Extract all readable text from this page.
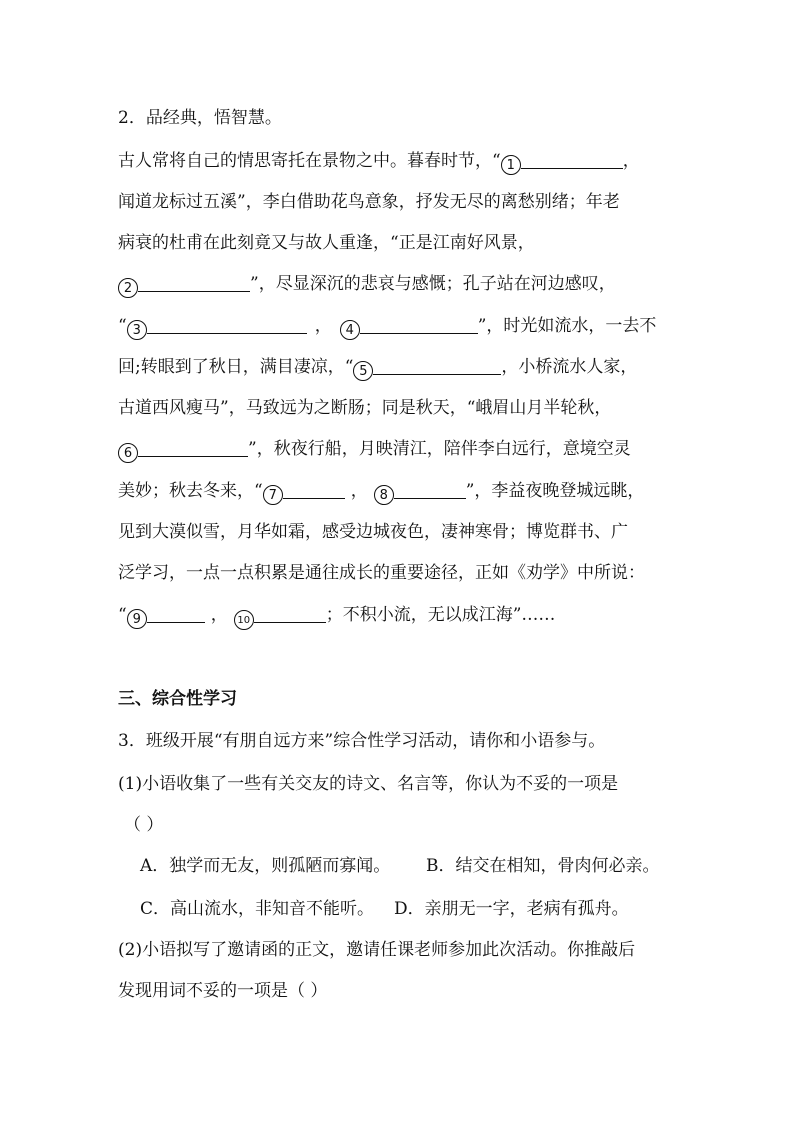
2．品经典，悟智慧。
古人常将自己的情思寄托在景物之中。暮春时节，“ 1	，
闻道龙标过五溪”，李白借助花鸟意象，抒发无尽的离愁别绪；年老
病衰的杜甫在此刻竟又与故人重逢，“正是江南好风景，
2	”，尽显深沉的悲哀与感慨；孔子站在河边感叹，
“ 3	， 4	”，时光如流水，一去不
回;转眼到了秋日，满目凄凉，“ 5	，小桥流水人家，
古道西风瘦马”，马致远为之断肠；同是秋天，“峨眉山月半轮秋，
6	”，秋夜行船，月映清江，陪伴李白远行，意境空灵
美妙；秋去冬来，“ 7	， 8	”，李益夜晚登城远眺，
见到大漠似雪，月华如霜，感受边城夜色，凄神寒骨；博览群书、广
泛学习，一点一点积累是通往成长的重要途径，正如《劝学》中所说：
“ 9	， 10	；不积小流，无以成江海”……
三、综合性学习
3．班级开展“有朋自远方来”综合性学习活动，请你和小语参与。
(1)小语收集了一些有关交友的诗文、名言等，你认为不妥的一项是
（ ）
A．独学而无友，则孤陋而寡闻。 B．结交在相知，骨肉何必亲。
C．高山流水，非知音不能听。 D．亲朋无一字，老病有孤舟。
(2)小语拟写了邀请函的正文，邀请任课老师参加此次活动。你推敲后
发现用词不妥的一项是（ ）
